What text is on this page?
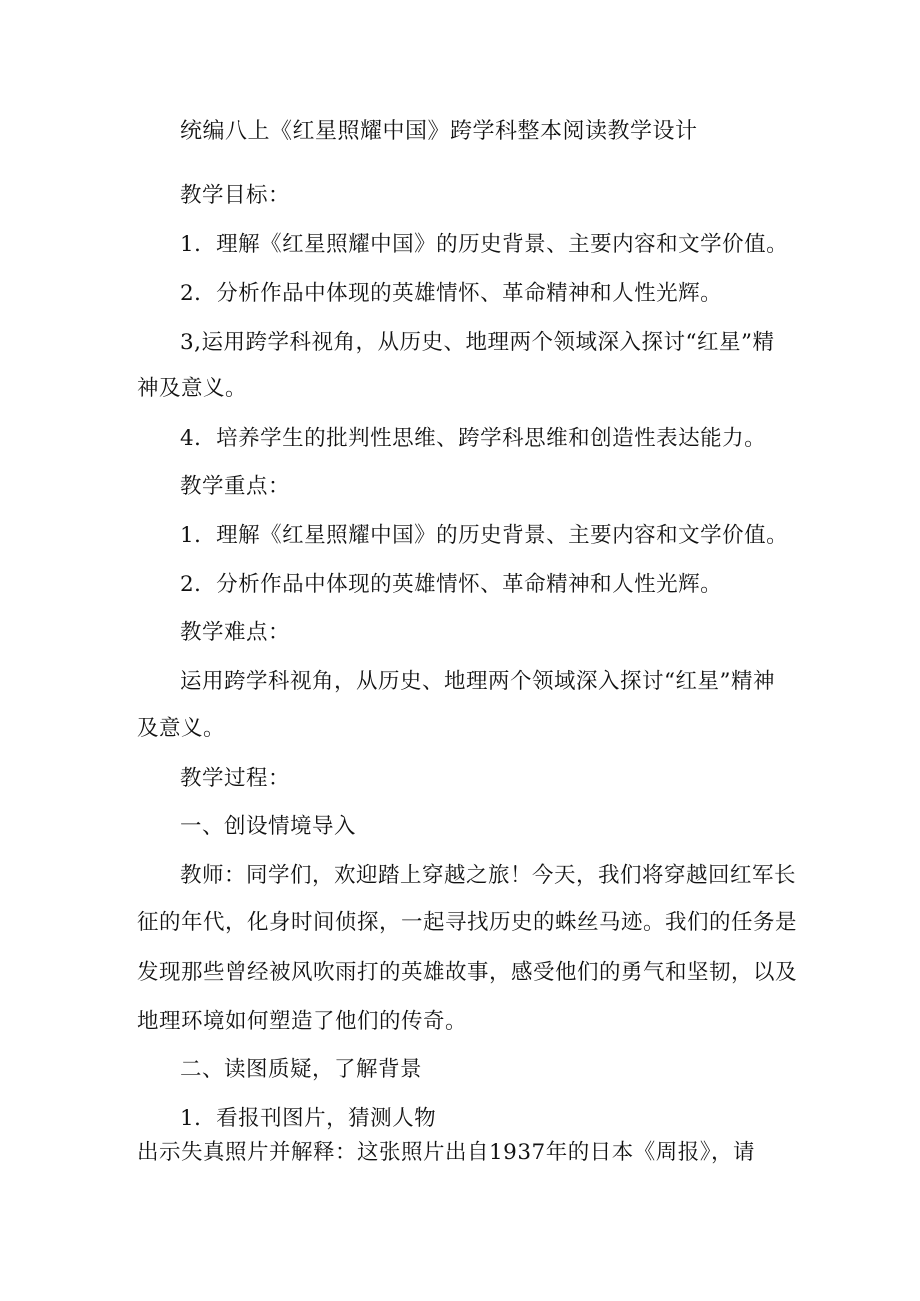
统编八上《红星照耀中国》跨学科整本阅读教学设计
教学目标：
1．理解《红星照耀中国》的历史背景、主要内容和文学价值。
2．分析作品中体现的英雄情怀、革命精神和人性光辉。
3,运用跨学科视角，从历史、地理两个领域深入探讨“红星”精
神及意义。
4．培养学生的批判性思维、跨学科思维和创造性表达能力。
教学重点：
1．理解《红星照耀中国》的历史背景、主要内容和文学价值。
2．分析作品中体现的英雄情怀、革命精神和人性光辉。
教学难点：
运用跨学科视角，从历史、地理两个领域深入探讨“红星”精神
及意义。
教学过程：
一、创设情境导入
教师：同学们，欢迎踏上穿越之旅！今天，我们将穿越回红军长
征的年代，化身时间侦探，一起寻找历史的蛛丝马迹。我们的任务是
发现那些曾经被风吹雨打的英雄故事，感受他们的勇气和坚韧，以及
地理环境如何塑造了他们的传奇。
二、读图质疑，了解背景
1．看报刊图片，猜测人物
出示失真照片并解释：这张照片出自1937年的日本《周报》，请
